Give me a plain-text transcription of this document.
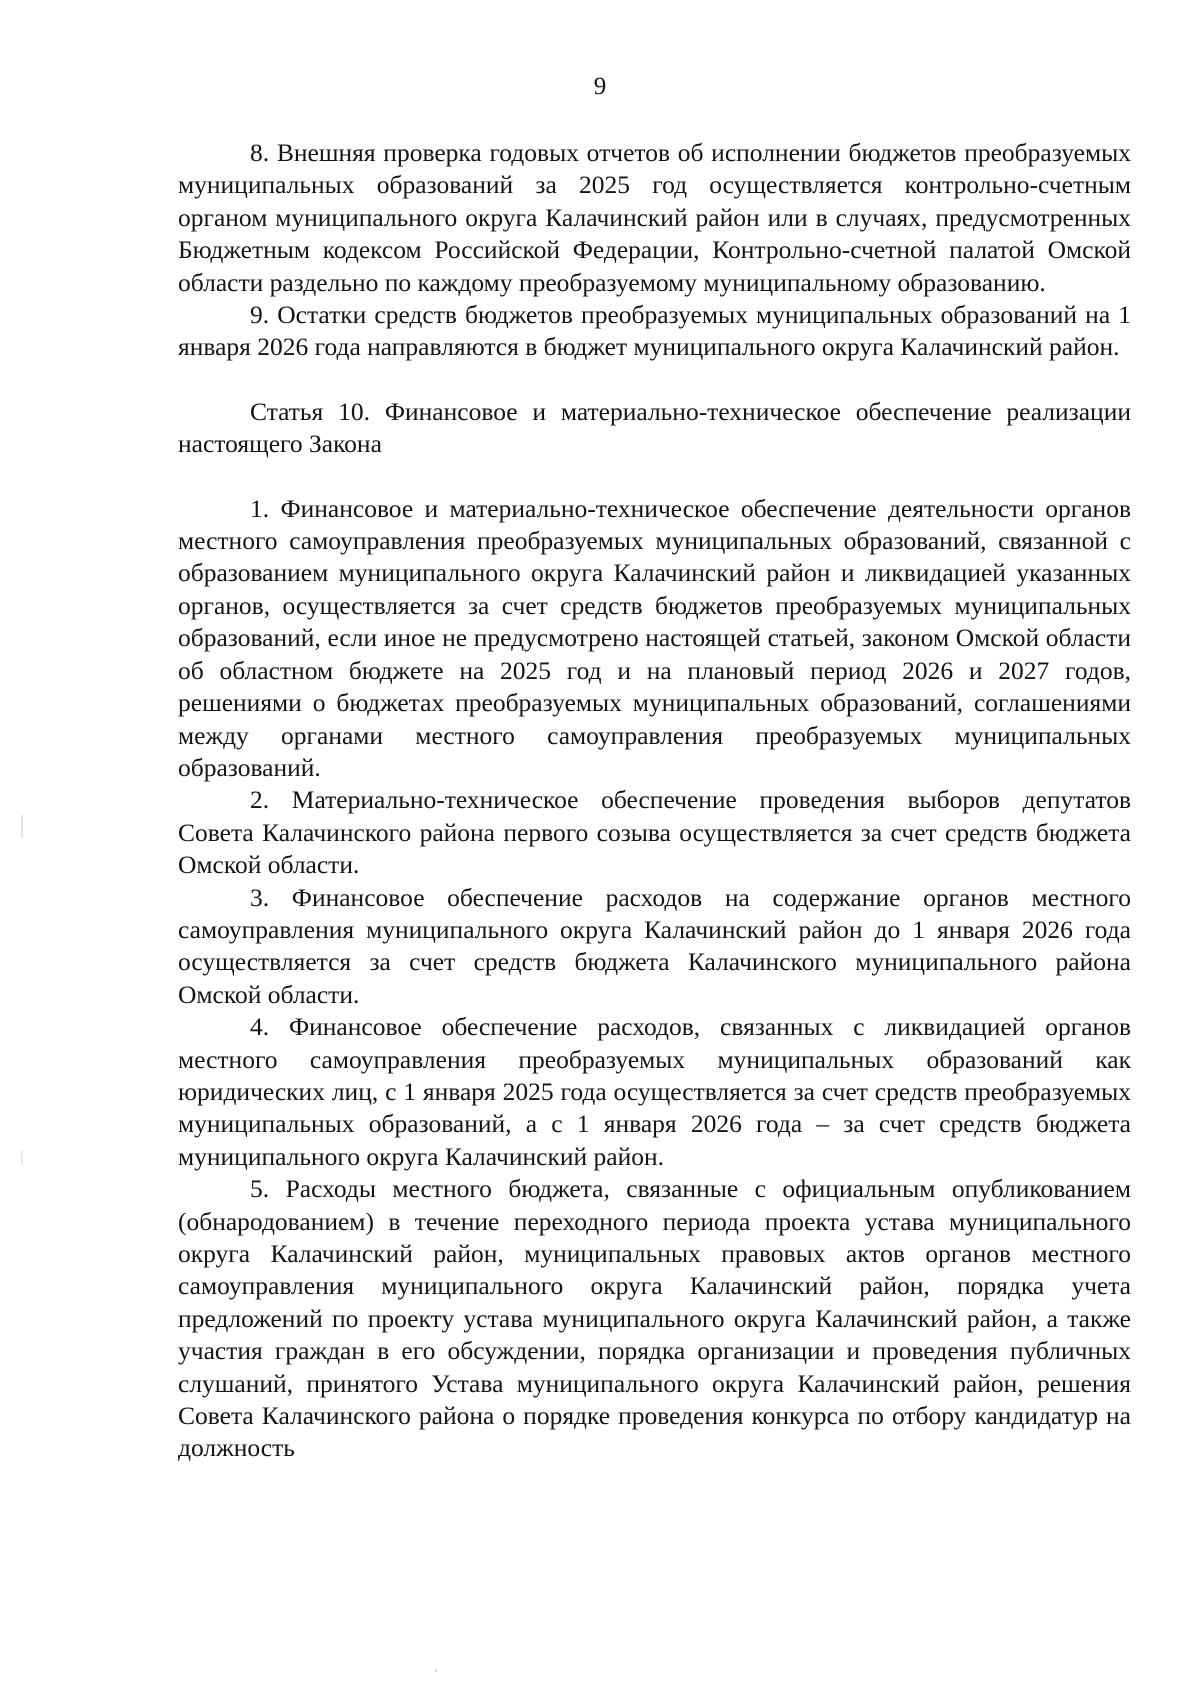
9

8. Внешняя проверка годовых отчетов об исполнении бюджетов преобразуемых муниципальных образований за 2025 год осуществляется контрольно-счетным органом муниципального округа Калачинский район или в случаях, предусмотренных Бюджетным кодексом Российской Федерации, Контрольно-счетной палатой Омской области раздельно по каждому преобразуемому муниципальному образованию.

9. Остатки средств бюджетов преобразуемых муниципальных образований на 1 января 2026 года направляются в бюджет муниципального округа Калачинский район.

Статья 10. Финансовое и материально-техническое обеспечение реализации настоящего Закона

1. Финансовое и материально-техническое обеспечение деятельности органов местного самоуправления преобразуемых муниципальных образований, связанной с образованием муниципального округа Калачинский район и ликвидацией указанных органов, осуществляется за счет средств бюджетов преобразуемых муниципальных образований, если иное не предусмотрено настоящей статьей, законом Омской области об областном бюджете на 2025 год и на плановый период 2026 и 2027 годов, решениями о бюджетах преобразуемых муниципальных образований, соглашениями между органами местного самоуправления преобразуемых муниципальных образований.

2. Материально-техническое обеспечение проведения выборов депутатов Совета Калачинского района первого созыва осуществляется за счет средств бюджета Омской области.

3. Финансовое обеспечение расходов на содержание органов местного самоуправления муниципального округа Калачинский район до 1 января 2026 года осуществляется за счет средств бюджета Калачинского муниципального района Омской области.

4. Финансовое обеспечение расходов, связанных с ликвидацией органов местного самоуправления преобразуемых муниципальных образований как юридических лиц, с 1 января 2025 года осуществляется за счет средств преобразуемых муниципальных образований, а с 1 января 2026 года – за счет средств бюджета муниципального округа Калачинский район.

5. Расходы местного бюджета, связанные с официальным опубликованием (обнародованием) в течение переходного периода проекта устава муниципального округа Калачинский район, муниципальных правовых актов органов местного самоуправления муниципального округа Калачинский район, порядка учета предложений по проекту устава муниципального округа Калачинский район, а также участия граждан в его обсуждении, порядка организации и проведения публичных слушаний, принятого Устава муниципального округа Калачинский район, решения Совета Калачинского района о порядке проведения конкурса по отбору кандидатур на должность
